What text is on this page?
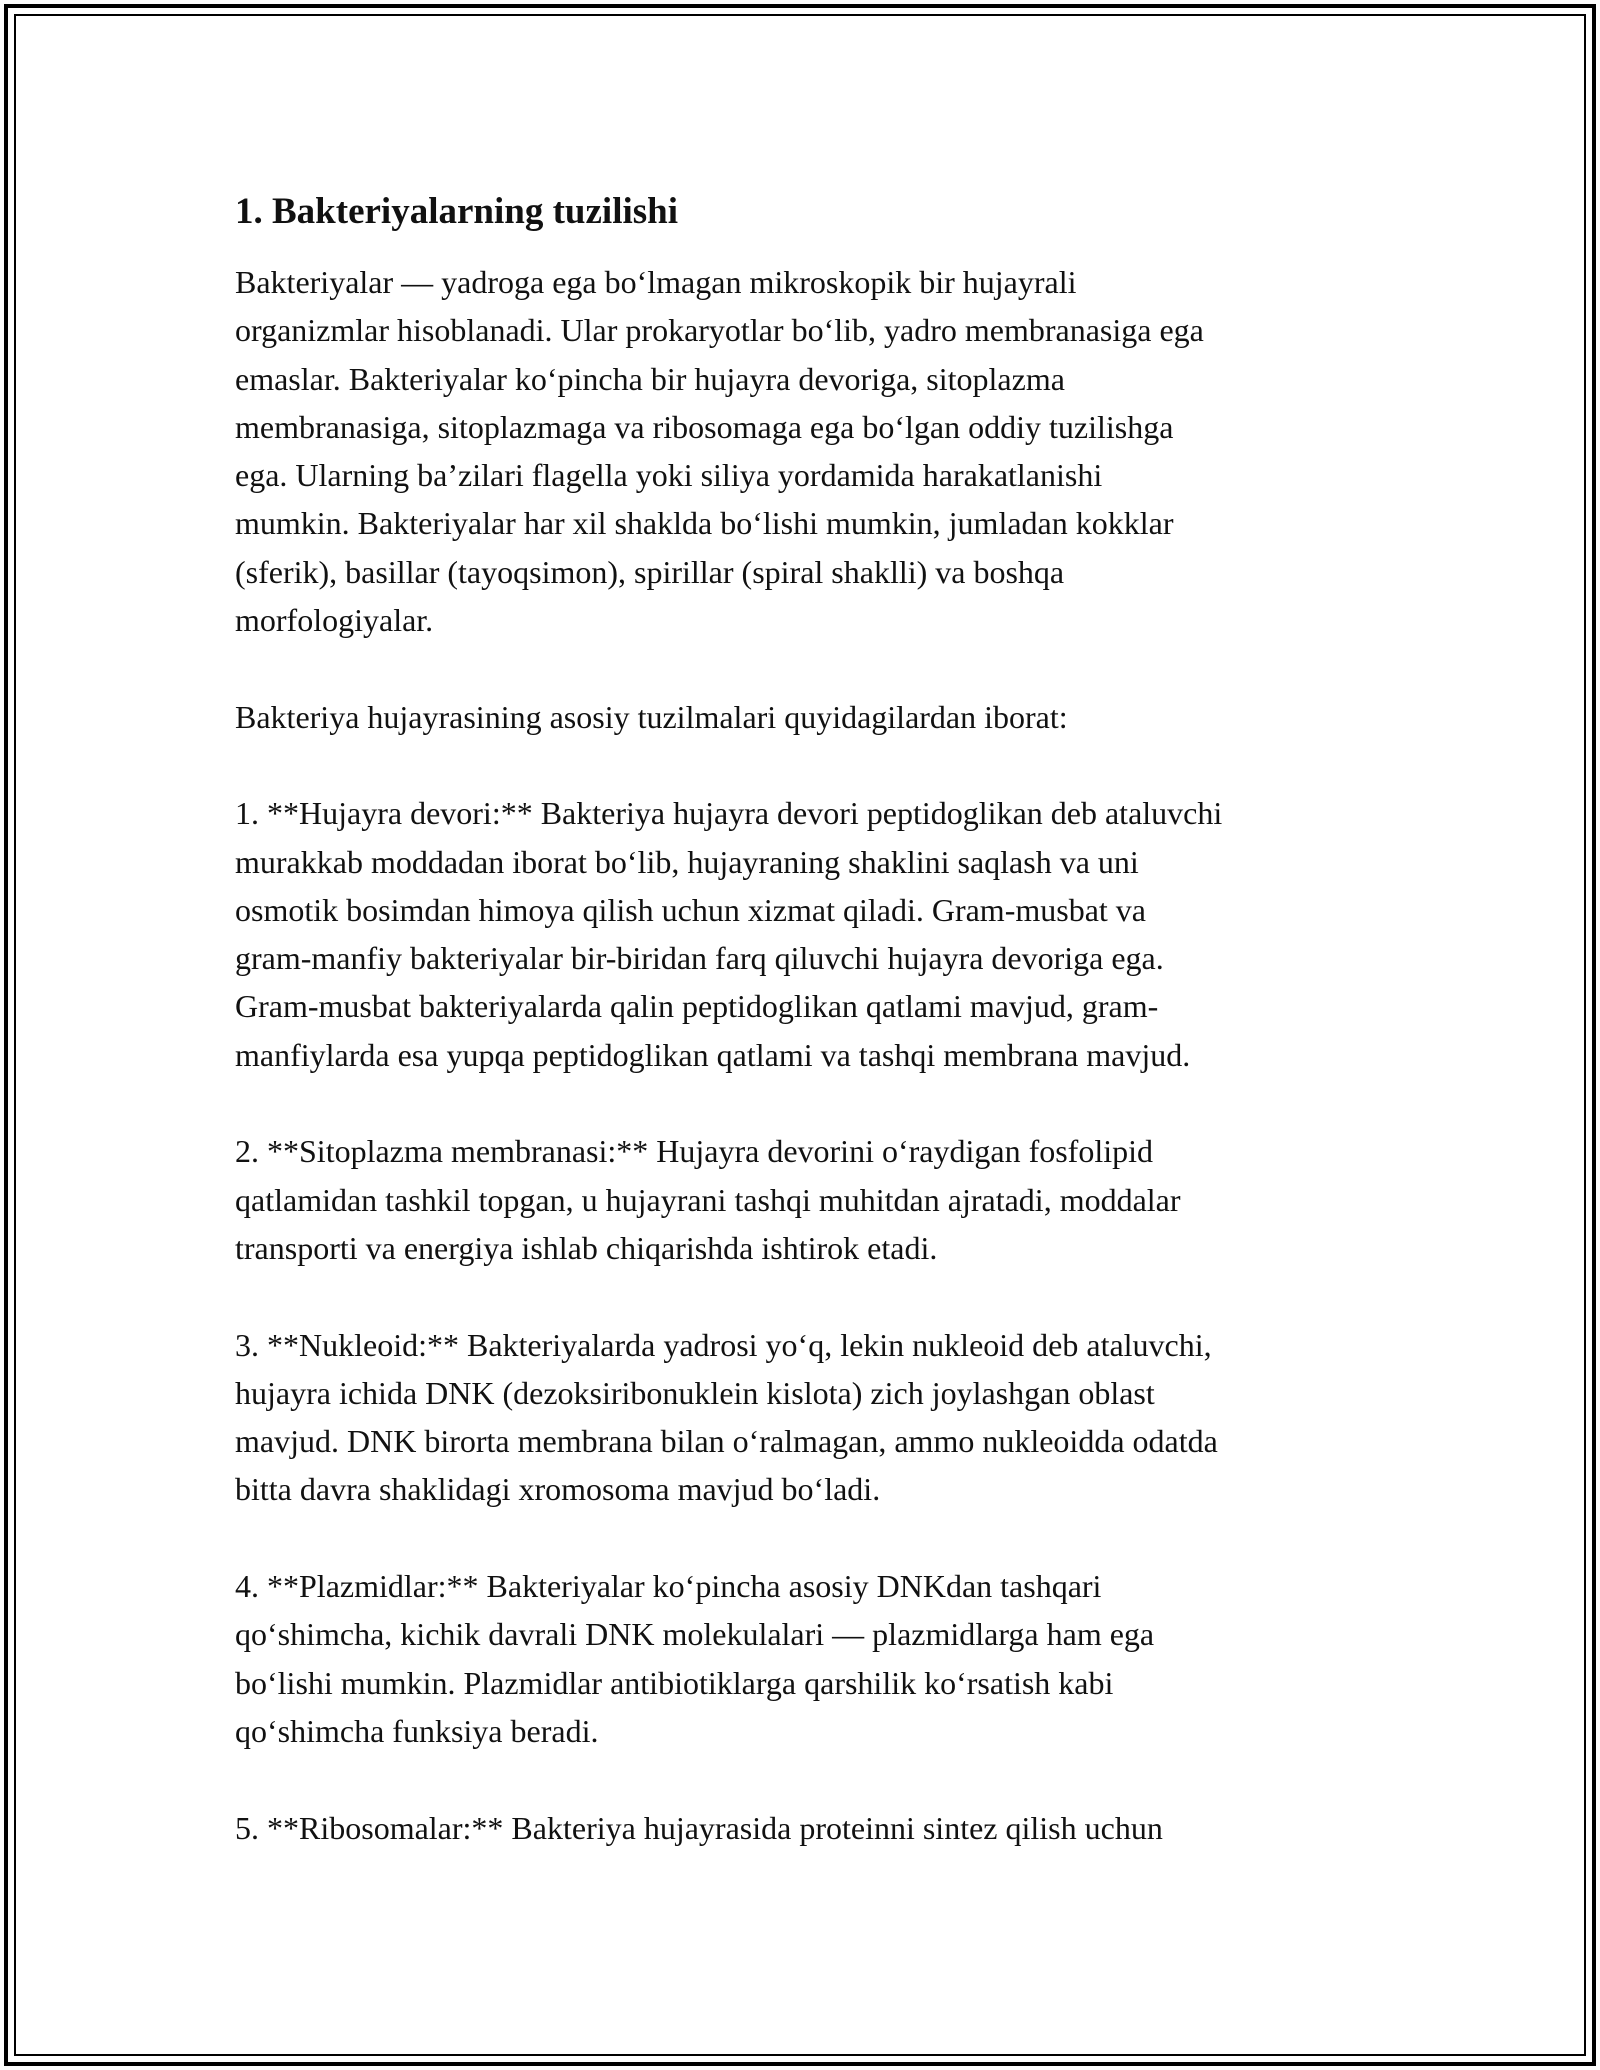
1. Bakteriyalarning tuzilishi

Bakteriyalar — yadroga ega boʻlmagan mikroskopik bir hujayrali
organizmlar hisoblanadi. Ular prokaryotlar boʻlib, yadro membranasiga ega
emaslar. Bakteriyalar koʻpincha bir hujayra devoriga, sitoplazma
membranasiga, sitoplazmaga va ribosomaga ega boʻlgan oddiy tuzilishga
ega. Ularning baʼzilari flagella yoki siliya yordamida harakatlanishi
mumkin. Bakteriyalar har xil shaklda boʻlishi mumkin, jumladan kokklar
(sferik), basillar (tayoqsimon), spirillar (spiral shaklli) va boshqa
morfologiyalar.

Bakteriya hujayrasining asosiy tuzilmalari quyidagilardan iborat:

1. **Hujayra devori:** Bakteriya hujayra devori peptidoglikan deb ataluvchi
murakkab moddadan iborat boʻlib, hujayraning shaklini saqlash va uni
osmotik bosimdan himoya qilish uchun xizmat qiladi. Gram-musbat va
gram-manfiy bakteriyalar bir-biridan farq qiluvchi hujayra devoriga ega.
Gram-musbat bakteriyalarda qalin peptidoglikan qatlami mavjud, gram-
manfiylarda esa yupqa peptidoglikan qatlami va tashqi membrana mavjud.

2. **Sitoplazma membranasi:** Hujayra devorini oʻraydigan fosfolipid
qatlamidan tashkil topgan, u hujayrani tashqi muhitdan ajratadi, moddalar
transporti va energiya ishlab chiqarishda ishtirok etadi.

3. **Nukleoid:** Bakteriyalarda yadrosi yoʻq, lekin nukleoid deb ataluvchi,
hujayra ichida DNK (dezoksiribonuklein kislota) zich joylashgan oblast
mavjud. DNK birorta membrana bilan oʻralmagan, ammo nukleoidda odatda
bitta davra shaklidagi xromosoma mavjud boʻladi.

4. **Plazmidlar:** Bakteriyalar koʻpincha asosiy DNKdan tashqari
qoʻshimcha, kichik davrali DNK molekulalari — plazmidlarga ham ega
boʻlishi mumkin. Plazmidlar antibiotiklarga qarshilik koʻrsatish kabi
qoʻshimcha funksiya beradi.

5. **Ribosomalar:** Bakteriya hujayrasida proteinni sintez qilish uchun
